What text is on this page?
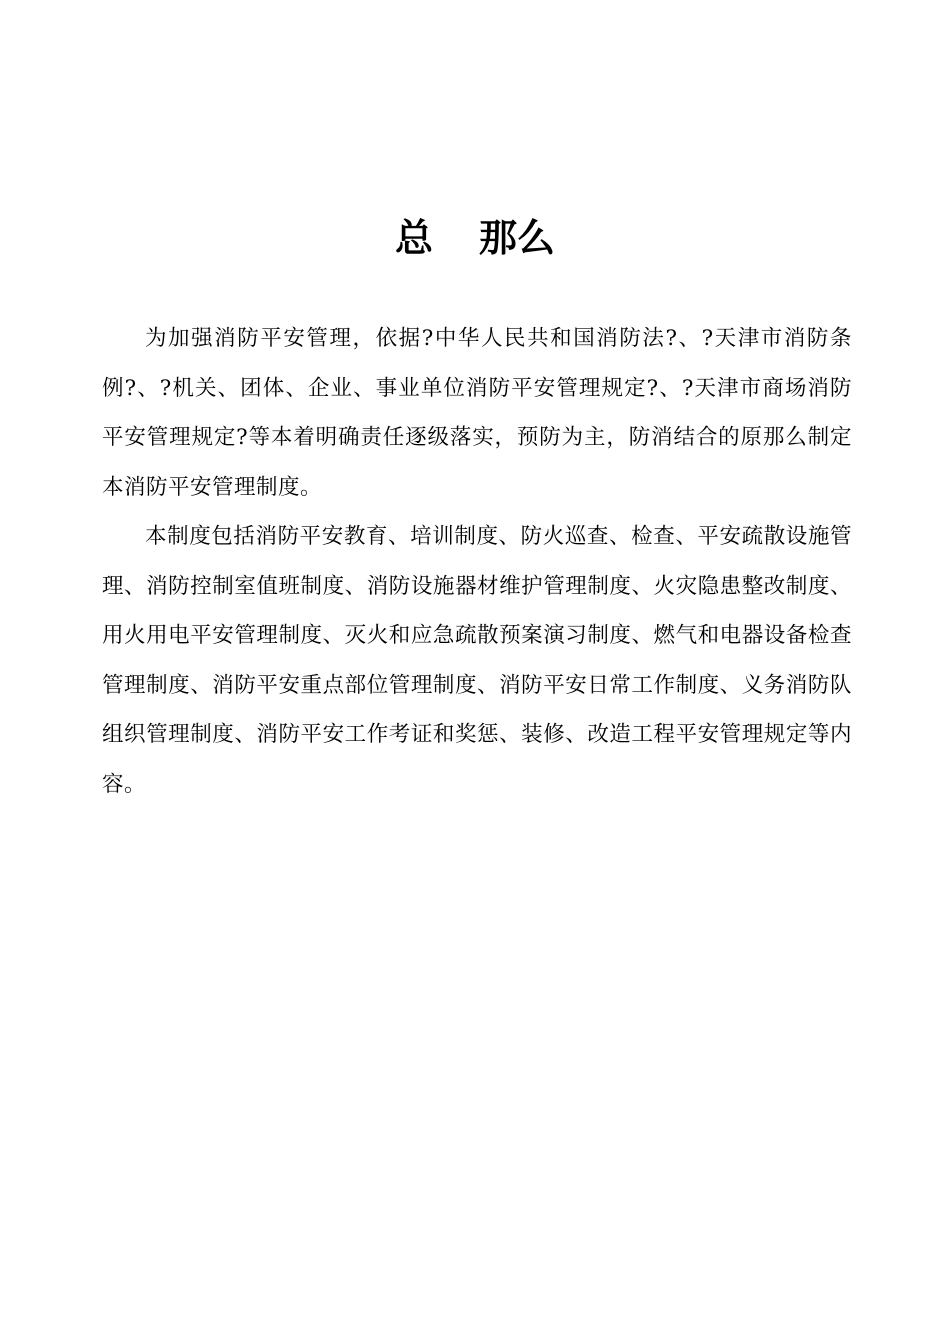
总 那么

为加强消防平安管理，依据?中华人民共和国消防法?、?天津市消防条例?、?机关、团体、企业、事业单位消防平安管理规定?、?天津市商场消防平安管理规定?等本着明确责任逐级落实，预防为主，防消结合的原那么制定本消防平安管理制度。

本制度包括消防平安教育、培训制度、防火巡查、检查、平安疏散设施管理、消防控制室值班制度、消防设施器材维护管理制度、火灾隐患整改制度、用火用电平安管理制度、灭火和应急疏散预案演习制度、燃气和电器设备检查管理制度、消防平安重点部位管理制度、消防平安日常工作制度、义务消防队组织管理制度、消防平安工作考证和奖惩、装修、改造工程平安管理规定等内容。
